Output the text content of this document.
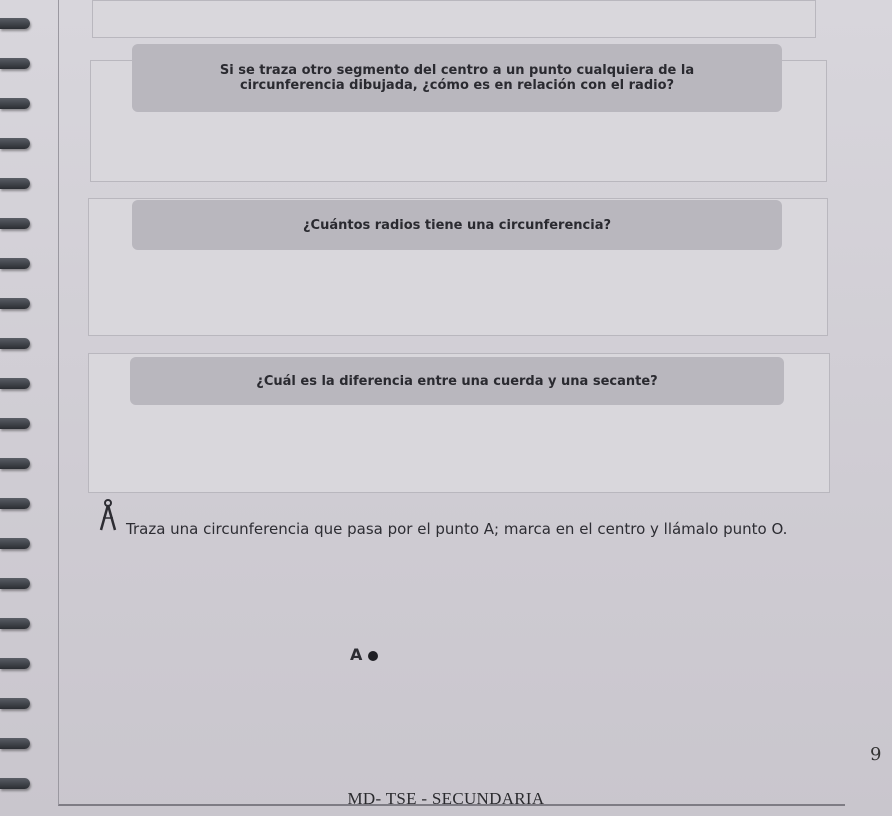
Si se traza otro segmento del centro a un punto cualquiera de la circunferencia dibujada, ¿cómo es en relación con el radio?
¿Cuántos radios tiene una circunferencia?
¿Cuál es la diferencia entre una cuerda y una secante?
Traza una circunferencia que pasa por el punto A; marca en el centro y llámalo punto O.
A
9
MD- TSE - SECUNDARIA
